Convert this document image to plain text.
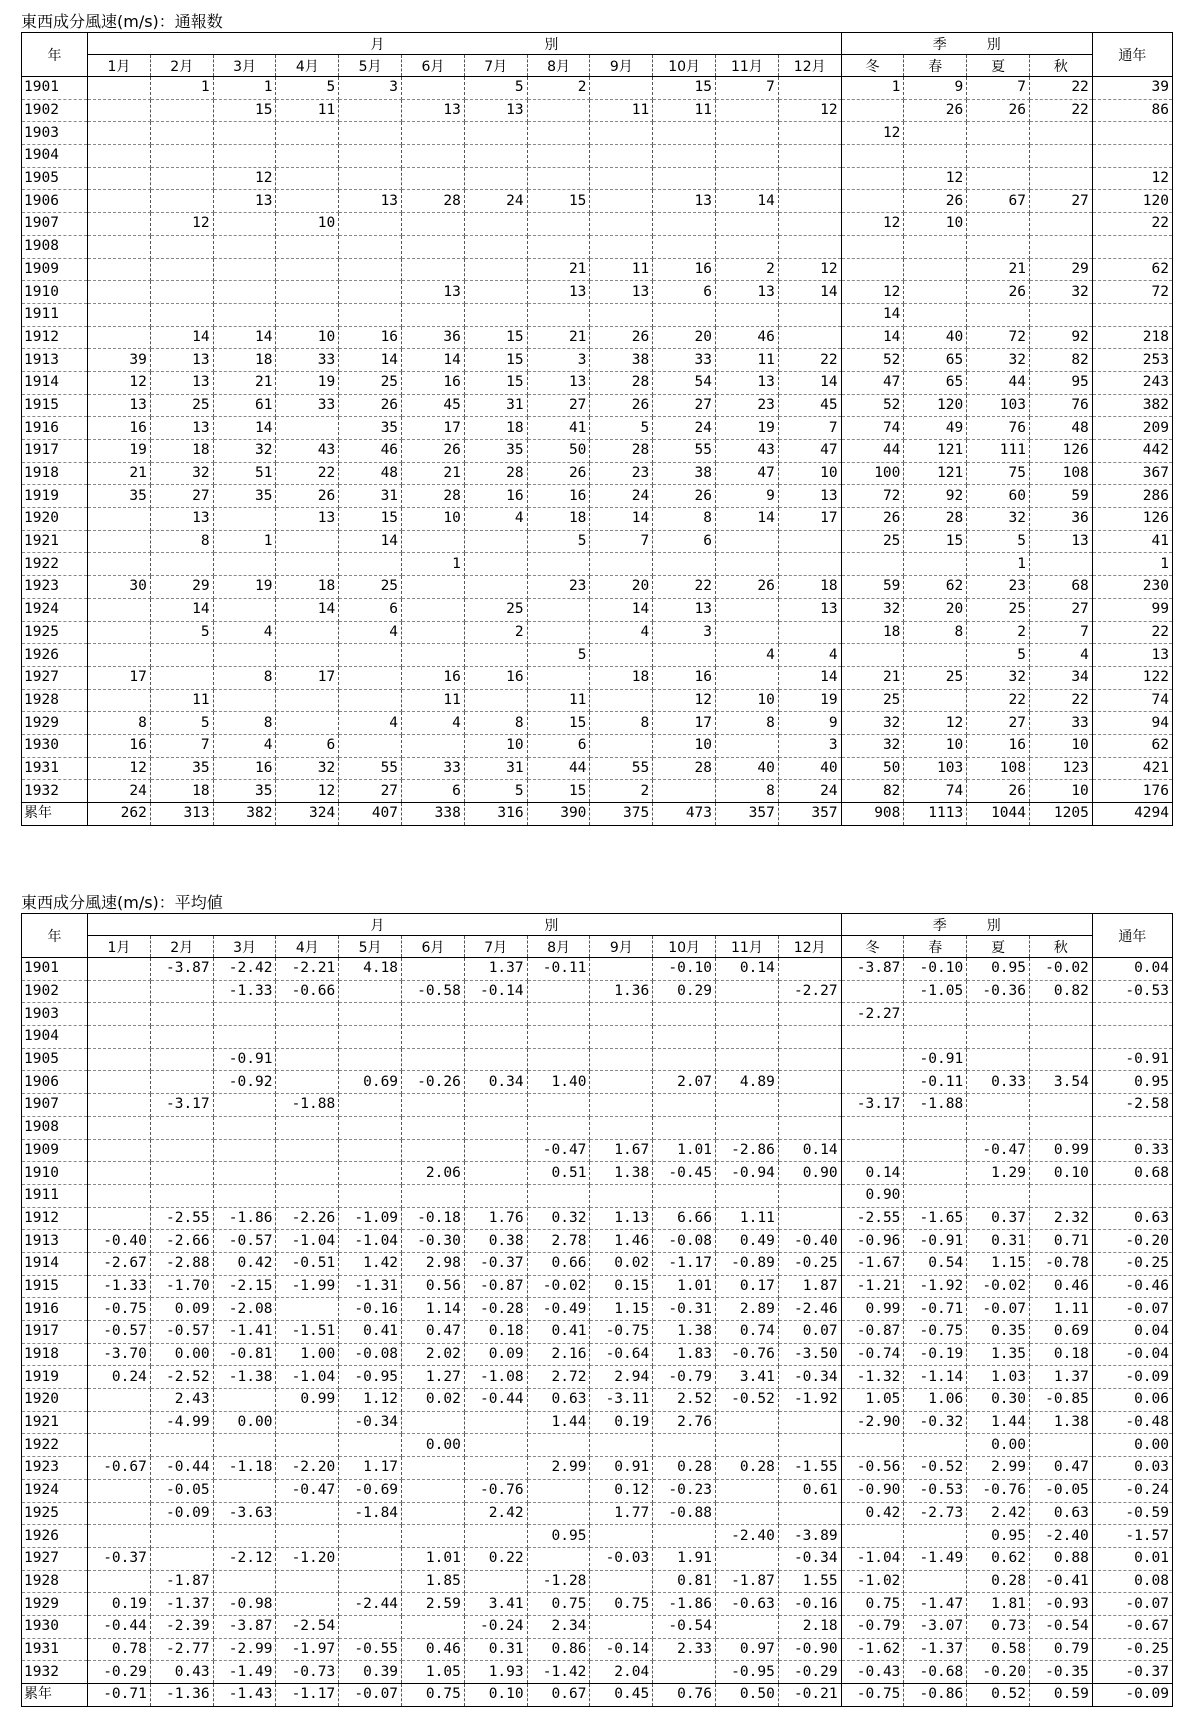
東西成分風速(m/s)：通報数
年	月 別												季 別				通年
	1月	2月	3月	4月	5月	6月	7月	8月	9月	10月	11月	12月	冬	春	夏	秋	
1901		1	1	5	3		5	2		15	7		1	9	7	22	39
1902			15	11		13	13		11	11		12		26	26	22	86
1903													12				
1904																	
1905			12											12			12
1906			13		13	28	24	15		13	14			26	67	27	120
1907		12		10									12	10			22
1908																	
1909								21	11	16	2	12			21	29	62
1910						13		13	13	6	13	14	12		26	32	72
1911													14				
1912		14	14	10	16	36	15	21	26	20	46		14	40	72	92	218
1913	39	13	18	33	14	14	15	3	38	33	11	22	52	65	32	82	253
1914	12	13	21	19	25	16	15	13	28	54	13	14	47	65	44	95	243
1915	13	25	61	33	26	45	31	27	26	27	23	45	52	120	103	76	382
1916	16	13	14		35	17	18	41	5	24	19	7	74	49	76	48	209
1917	19	18	32	43	46	26	35	50	28	55	43	47	44	121	111	126	442
1918	21	32	51	22	48	21	28	26	23	38	47	10	100	121	75	108	367
1919	35	27	35	26	31	28	16	16	24	26	9	13	72	92	60	59	286
1920		13		13	15	10	4	18	14	8	14	17	26	28	32	36	126
1921		8	1		14			5	7	6			25	15	5	13	41
1922						1									1		1
1923	30	29	19	18	25			23	20	22	26	18	59	62	23	68	230
1924		14		14	6		25		14	13		13	32	20	25	27	99
1925		5	4		4		2		4	3			18	8	2	7	22
1926								5			4	4			5	4	13
1927	17		8	17		16	16		18	16		14	21	25	32	34	122
1928		11				11		11		12	10	19	25		22	22	74
1929	8	5	8		4	4	8	15	8	17	8	9	32	12	27	33	94
1930	16	7	4	6			10	6		10		3	32	10	16	10	62
1931	12	35	16	32	55	33	31	44	55	28	40	40	50	103	108	123	421
1932	24	18	35	12	27	6	5	15	2		8	24	82	74	26	10	176
累年	262	313	382	324	407	338	316	390	375	473	357	357	908	1113	1044	1205	4294
東西成分風速(m/s)：平均値
年	月 別												季 別				通年
	1月	2月	3月	4月	5月	6月	7月	8月	9月	10月	11月	12月	冬	春	夏	秋	
1901		-3.87	-2.42	-2.21	4.18		1.37	-0.11		-0.10	0.14		-3.87	-0.10	0.95	-0.02	0.04
1902			-1.33	-0.66		-0.58	-0.14		1.36	0.29		-2.27		-1.05	-0.36	0.82	-0.53
1903													-2.27				
1904																	
1905			-0.91											-0.91			-0.91
1906			-0.92		0.69	-0.26	0.34	1.40		2.07	4.89			-0.11	0.33	3.54	0.95
1907		-3.17		-1.88									-3.17	-1.88			-2.58
1908																	
1909								-0.47	1.67	1.01	-2.86	0.14			-0.47	0.99	0.33
1910						2.06		0.51	1.38	-0.45	-0.94	0.90	0.14		1.29	0.10	0.68
1911													0.90				
1912		-2.55	-1.86	-2.26	-1.09	-0.18	1.76	0.32	1.13	6.66	1.11		-2.55	-1.65	0.37	2.32	0.63
1913	-0.40	-2.66	-0.57	-1.04	-1.04	-0.30	0.38	2.78	1.46	-0.08	0.49	-0.40	-0.96	-0.91	0.31	0.71	-0.20
1914	-2.67	-2.88	0.42	-0.51	1.42	2.98	-0.37	0.66	0.02	-1.17	-0.89	-0.25	-1.67	0.54	1.15	-0.78	-0.25
1915	-1.33	-1.70	-2.15	-1.99	-1.31	0.56	-0.87	-0.02	0.15	1.01	0.17	1.87	-1.21	-1.92	-0.02	0.46	-0.46
1916	-0.75	0.09	-2.08		-0.16	1.14	-0.28	-0.49	1.15	-0.31	2.89	-2.46	0.99	-0.71	-0.07	1.11	-0.07
1917	-0.57	-0.57	-1.41	-1.51	0.41	0.47	0.18	0.41	-0.75	1.38	0.74	0.07	-0.87	-0.75	0.35	0.69	0.04
1918	-3.70	0.00	-0.81	1.00	-0.08	2.02	0.09	2.16	-0.64	1.83	-0.76	-3.50	-0.74	-0.19	1.35	0.18	-0.04
1919	0.24	-2.52	-1.38	-1.04	-0.95	1.27	-1.08	2.72	2.94	-0.79	3.41	-0.34	-1.32	-1.14	1.03	1.37	-0.09
1920		2.43		0.99	1.12	0.02	-0.44	0.63	-3.11	2.52	-0.52	-1.92	1.05	1.06	0.30	-0.85	0.06
1921		-4.99	0.00		-0.34			1.44	0.19	2.76			-2.90	-0.32	1.44	1.38	-0.48
1922						0.00									0.00		0.00
1923	-0.67	-0.44	-1.18	-2.20	1.17			2.99	0.91	0.28	0.28	-1.55	-0.56	-0.52	2.99	0.47	0.03
1924		-0.05		-0.47	-0.69		-0.76		0.12	-0.23		0.61	-0.90	-0.53	-0.76	-0.05	-0.24
1925		-0.09	-3.63		-1.84		2.42		1.77	-0.88			0.42	-2.73	2.42	0.63	-0.59
1926								0.95			-2.40	-3.89			0.95	-2.40	-1.57
1927	-0.37		-2.12	-1.20		1.01	0.22		-0.03	1.91		-0.34	-1.04	-1.49	0.62	0.88	0.01
1928		-1.87				1.85		-1.28		0.81	-1.87	1.55	-1.02		0.28	-0.41	0.08
1929	0.19	-1.37	-0.98		-2.44	2.59	3.41	0.75	0.75	-1.86	-0.63	-0.16	0.75	-1.47	1.81	-0.93	-0.07
1930	-0.44	-2.39	-3.87	-2.54			-0.24	2.34		-0.54		2.18	-0.79	-3.07	0.73	-0.54	-0.67
1931	0.78	-2.77	-2.99	-1.97	-0.55	0.46	0.31	0.86	-0.14	2.33	0.97	-0.90	-1.62	-1.37	0.58	0.79	-0.25
1932	-0.29	0.43	-1.49	-0.73	0.39	1.05	1.93	-1.42	2.04		-0.95	-0.29	-0.43	-0.68	-0.20	-0.35	-0.37
累年	-0.71	-1.36	-1.43	-1.17	-0.07	0.75	0.10	0.67	0.45	0.76	0.50	-0.21	-0.75	-0.86	0.52	0.59	-0.09
